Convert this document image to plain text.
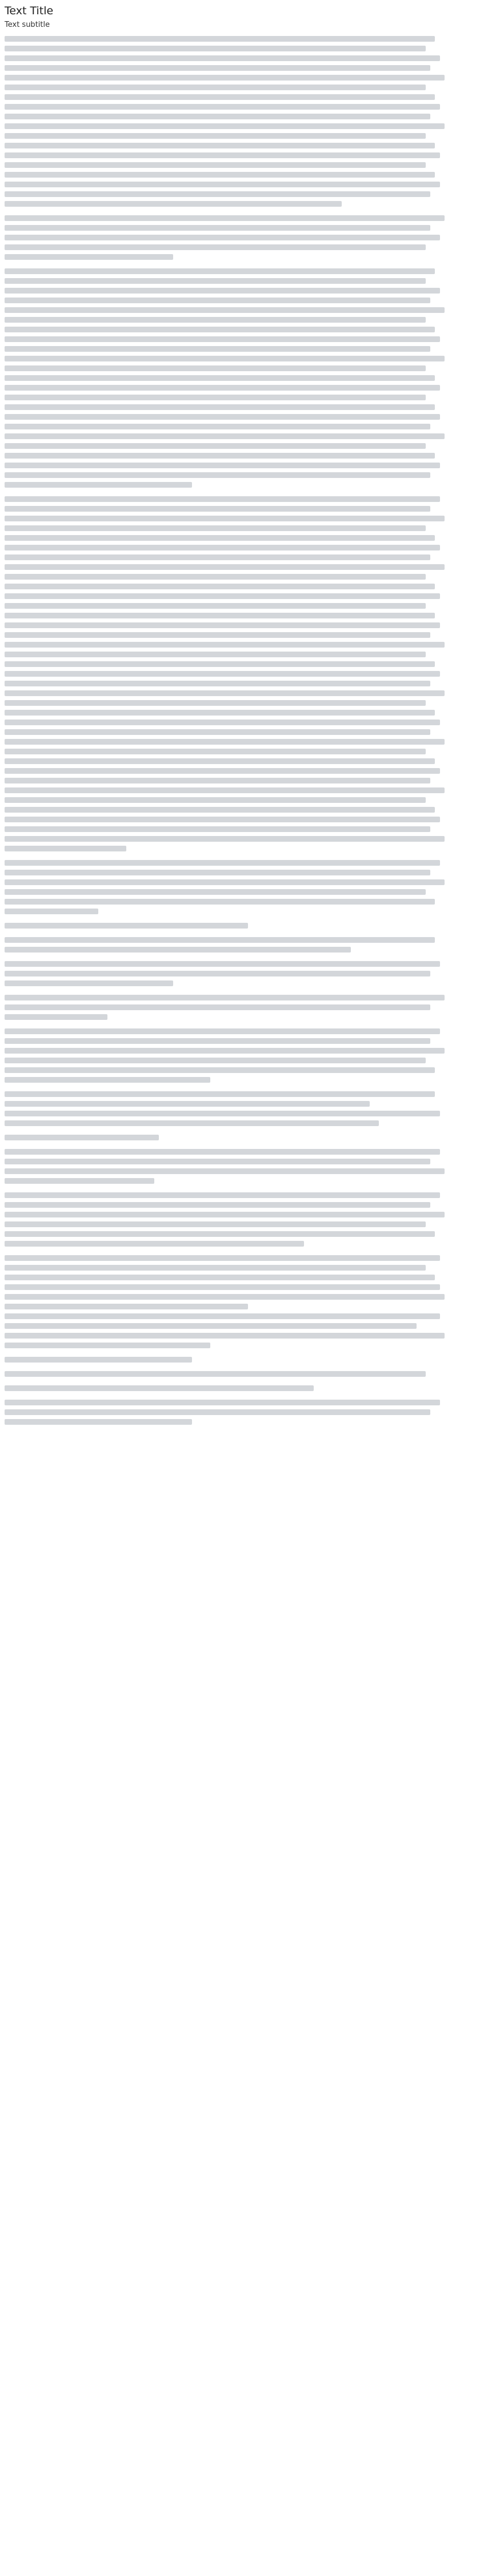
Text Title
Text subtitle
